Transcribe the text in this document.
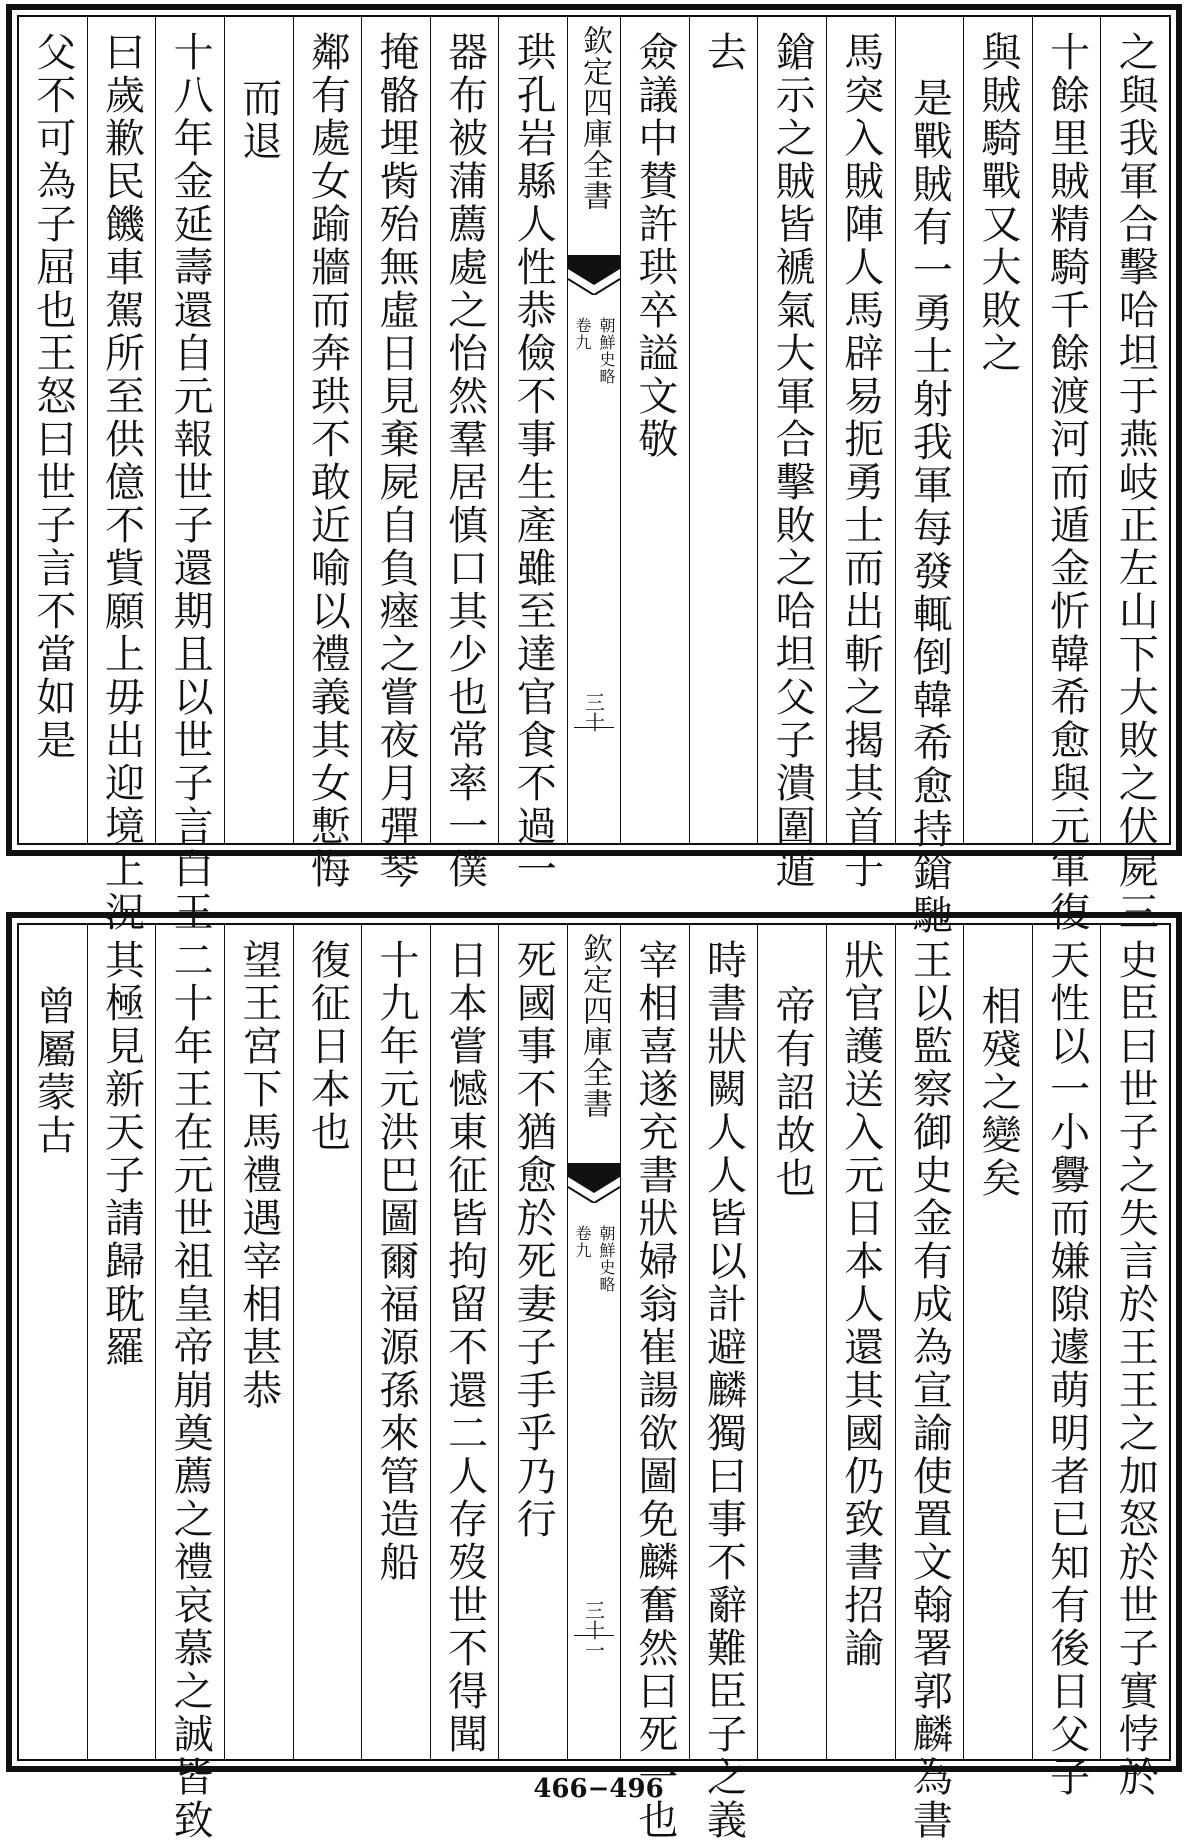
之與我軍合擊哈坦于燕岐正左山下大敗之伏屍三
十餘里賊精騎千餘渡河而遁金忻韓希愈與元軍復
與賊騎戰又大敗之
是戰賊有一勇士射我軍每發輒倒韓希愈持鎗馳
馬突入賊陣人馬辟易扼勇士而出斬之揭其首于
鎗示之賊皆褫氣大軍合擊敗之哈坦父子潰圍遁
去
僉議中賛許珙卒謚文敬
欽定四庫全書
朝鮮史略
卷九
三十
珙孔岩縣人性恭儉不事生產雖至達官食不過一
器布被蒲薦處之怡然羣居慎口其少也常率一僕
掩骼埋胔殆無虛日見棄屍自負瘞之嘗夜月彈琴
鄰有處女踰牆而奔珙不敢近喻以禮義其女慙悔
而退
十八年金延壽還自元報世子還期且以世子言白王
曰歲歉民饑車駕所至供億不貲願上毋出迎境上況
父不可為子屈也王怒曰世子言不當如是
史臣曰世子之失言於王王之加怒於世子實悖於
天性以一小釁而嫌隙遽萌明者已知有後日父子
相殘之變矣
王以監察御史金有成為宣諭使置文翰署郭麟為書
狀官護送入元日本人還其國仍致書招諭
帝有詔故也
時書狀闕人人皆以計避麟獨曰事不辭難臣子之義
宰相喜遂充書狀婦翁崔諹欲圖免麟奮然曰死一也
欽定四庫全書
朝鮮史略
卷九
三十一
死國事不猶愈於死妻子手乎乃行
日本嘗憾東征皆拘留不還二人存歿世不得聞
十九年元洪巴圖爾福源孫來管造船
復征日本也
望王宮下馬禮遇宰相甚恭
二十年王在元世祖皇帝崩奠薦之禮哀慕之誠皆致
其極見新天子請歸耽羅
曾屬蒙古
466−496
